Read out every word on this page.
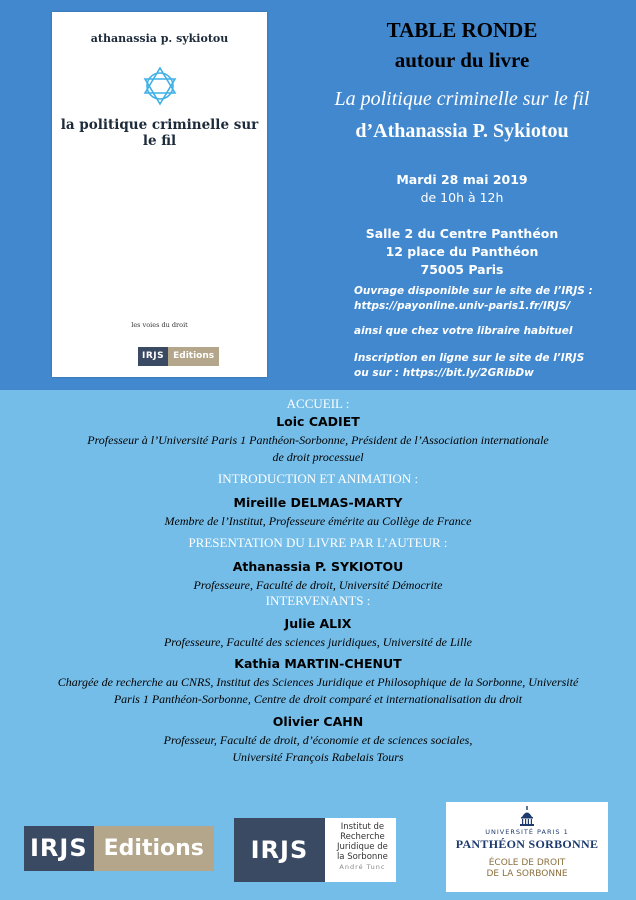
athanassia p. sykiotou
la politique criminelle sur le fil
les voies du droit
IRJS	Editions
TABLE RONDE
autour du livre
La politique criminelle sur le fil
d’Athanassia P. Sykiotou
Mardi 28 mai 2019
de 10h à 12h
Salle 2 du Centre Panthéon
12 place du Panthéon
75005 Paris
Ouvrage disponible sur le site de l’IRJS :
https://payonline.univ-paris1.fr/IRJS/
ainsi que chez votre libraire habituel
Inscription en ligne sur le site de l’IRJS
ou sur : https://bit.ly/2GRibDw
ACCUEIL :
Loic CADIET
Professeur à l’Université Paris 1 Panthéon-Sorbonne, Président de l’Association internationale
de droit processuel
INTRODUCTION ET ANIMATION :
Mireille DELMAS-MARTY
Membre de l’Institut, Professeure émérite au Collège de France
PRESENTATION DU LIVRE PAR L’AUTEUR :
Athanassia P. SYKIOTOU
Professeure, Faculté de droit, Université Démocrite
INTERVENANTS :
Julie ALIX
Professeure, Faculté des sciences juridiques, Université de Lille
Kathia MARTIN-CHENUT
Chargée de recherche au CNRS, Institut des Sciences Juridique et Philosophique de la Sorbonne, Université
Paris 1 Panthéon-Sorbonne, Centre de droit comparé et internationalisation du droit
Olivier CAHN
Professeur, Faculté de droit, d’économie et de sciences sociales,
Université François Rabelais Tours
IRJS Editions	IRJS
Institut de
Recherche
Juridique de
la Sorbonne
André Tunc
UNIVERSITÉ PARIS 1
PANTHÉON SORBONNE
ÉCOLE DE DROIT
DE LA SORBONNE
